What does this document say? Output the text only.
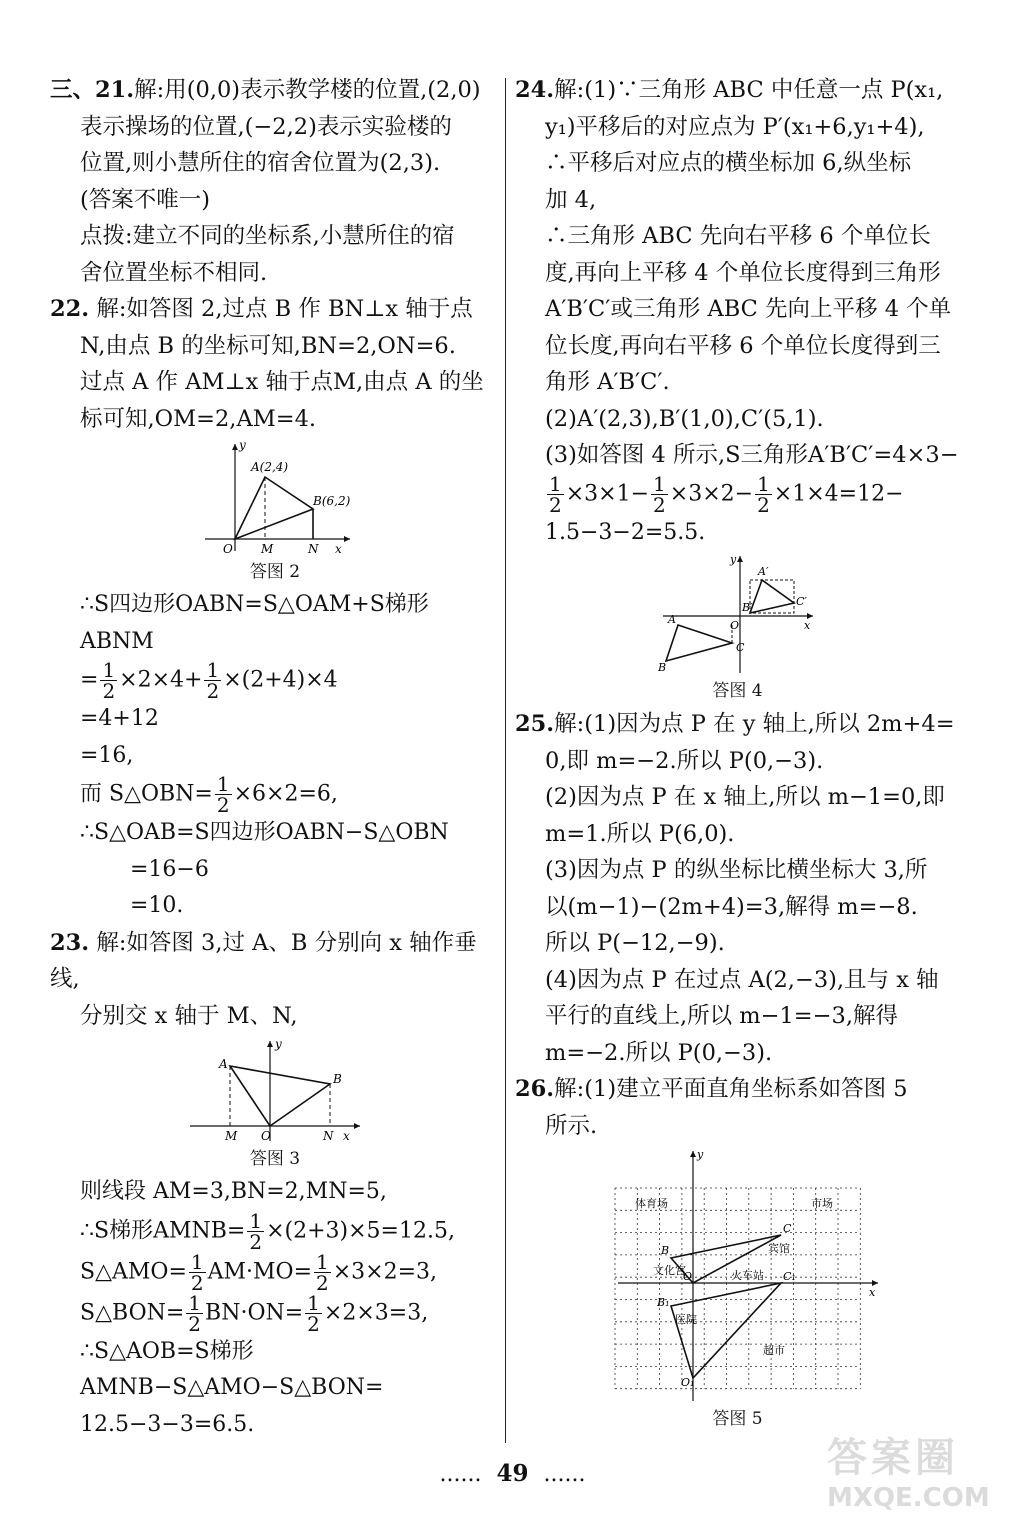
三、21.解:用(0,0)表示教学楼的位置,(2,0)

表示操场的位置,(−2,2)表示实验楼的

位置,则小慧所住的宿舍位置为(2,3).

(答案不唯一)

点拨:建立不同的坐标系,小慧所住的宿

舍位置坐标不相同.

22. 解:如答图 2,过点 B 作 BN⊥x 轴于点

N,由点 B 的坐标可知,BN=2,ON=6.

过点 A 作 AM⊥x 轴于点M,由点 A 的坐

标可知,OM=2,AM=4.

A(2,4)
B(6,2)
O M	N x
y
答图 2

∴S四边形OABN=S△OAM+S梯形ABNM

= $\frac{1}{2} \times 2\times 4+ \frac{1}{2} \times(2+4)\times 4$

=4+12

=16,

而 S△OBN= $\frac{1}{2} \times 6\times 2=6$,

∴S△OAB=S四边形OABN−S△OBN

=16−6

=10.

23. 解:如答图 3,过 A、B 分别向 x 轴作垂线,

分别交 x 轴于 M、N,

A
B
O
M	N x
y
答图 3

则线段 AM=3,BN=2,MN=5,

∴S梯形AMNB= $\frac{1}{2} \times(2+3)\times 5=12.5$,

S△AMO= $\frac{1}{2} AM\cdot MO= \frac{1}{2} \times 3\times 2=3$,

S△BON= $\frac{1}{2} BN\cdot ON= \frac{1}{2} \times 2\times 3=3$,

∴S△AOB=S梯形AMNB−S△AMO−S△BON=

12.5−3−3=6.5.

24.解:(1)∵三角形 ABC 中任意一点 P(x₁,

y₁)平移后的对应点为 P′(x₁+6,y₁+4),

∴平移后对应点的横坐标加 6,纵坐标

加 4,

∴三角形 ABC 先向右平移 6 个单位长

度,再向上平移 4 个单位长度得到三角形

A′B′C′或三角形 ABC 先向上平移 4 个单

位长度,再向右平移 6 个单位长度得到三

角形 A′B′C′.

(2)A′(2,3),B′(1,0),C′(5,1).

(3)如答图 4 所示,S三角形A′B′C′=4×3−

$\frac{1}{2} \times 3\times 1- \frac{1}{2} \times 3\times 2- \frac{1}{2} \times 1\times 4=12-$

1.5−3−2=5.5.

A
B
C
A′
B′	C′
O	x
y
答图 4

25.解:(1)因为点 P 在 y 轴上,所以 2m+4=

0,即 m=−2.所以 P(0,−3).

(2)因为点 P 在 x 轴上,所以 m−1=0,即

m=1.所以 P(6,0).

(3)因为点 P 的纵坐标比横坐标大 3,所

以(m−1)−(2m+4)=3,解得 m=−8.

所以 P(−12,−9).

(4)因为点 P 在过点 A(2,−3),且与 x 轴

平行的直线上,所以 m−1=−3,解得

m=−2.所以 P(0,−3).

26.解:(1)建立平面直角坐标系如答图 5

所示.

体育场	市场
文化宫
宾馆
火车站
医院
超市
B
C
C₁
B₁
O
O₁
x
y
答图 5
...... 49 ......	答案圈
MXQE.COM
